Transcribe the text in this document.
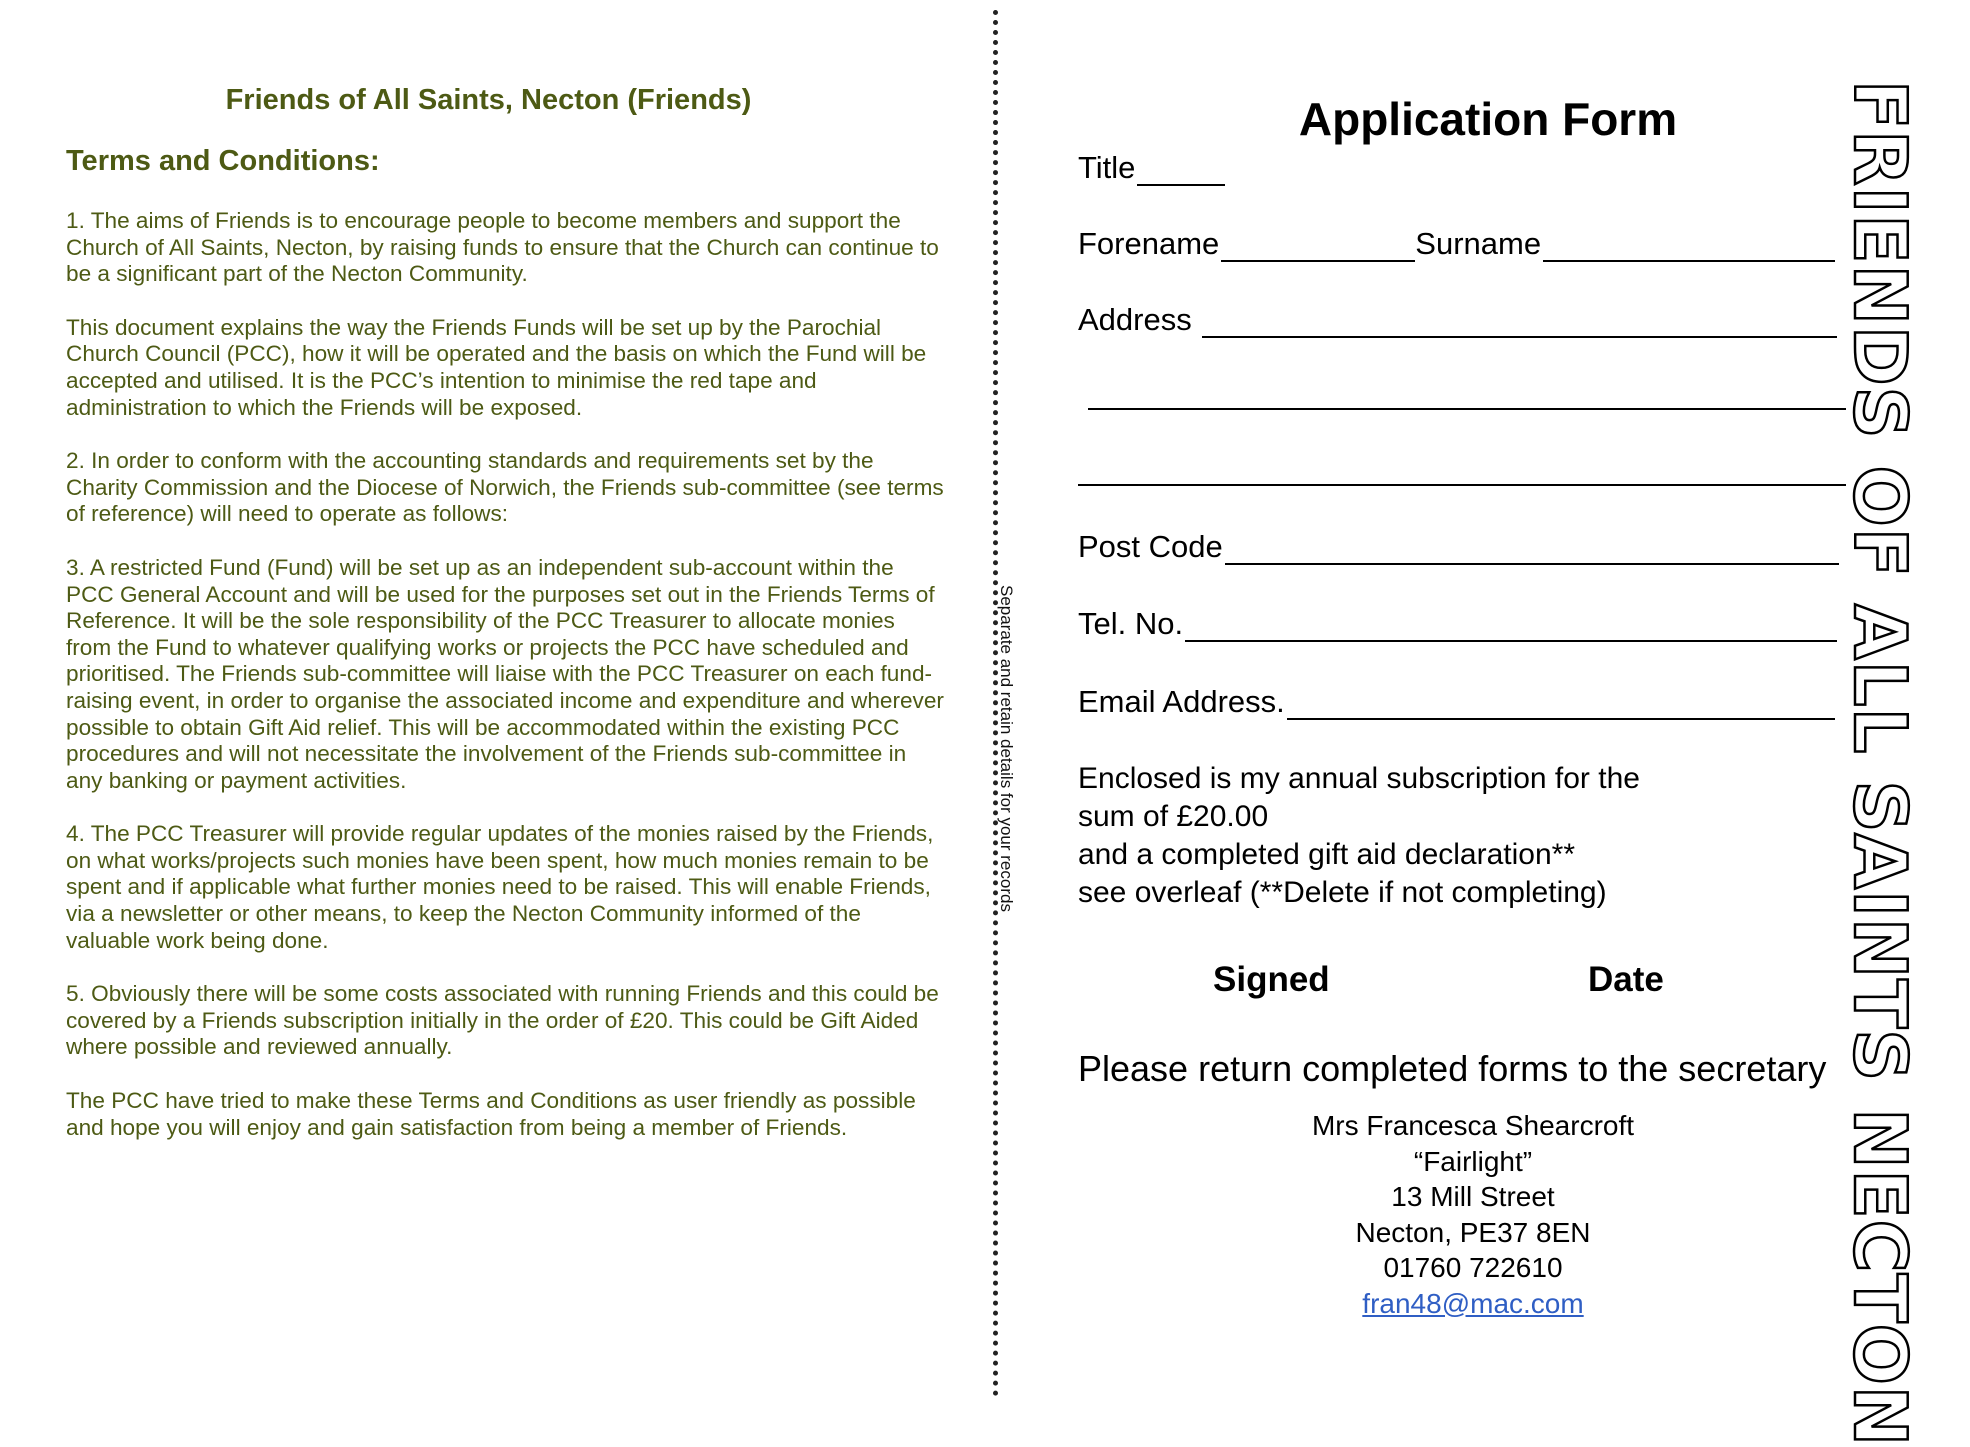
Friends of All Saints, Necton (Friends)
Terms and Conditions:

1. The aims of Friends is to encourage people to become members and support the Church of All Saints, Necton, by raising funds to ensure that the Church can continue to be a significant part of the Necton Community.

This document explains the way the Friends Funds will be set up by the Parochial Church Council (PCC), how it will be operated and the basis on which the Fund will be accepted and utilised. It is the PCC’s intention to minimise the red tape and administration to which the Friends will be exposed.

2. In order to conform with the accounting standards and requirements set by the Charity Commission and the Diocese of Norwich, the Friends sub-committee (see terms of reference) will need to operate as follows:

3. A restricted Fund (Fund) will be set up as an independent sub-account within the PCC General Account and will be used for the purposes set out in the Friends Terms of Reference. It will be the sole responsibility of the PCC Treasurer to allocate monies from the Fund to whatever qualifying works or projects the PCC have scheduled and prioritised. The Friends sub-committee will liaise with the PCC Treasurer on each fund-raising event, in order to organise the associated income and expenditure and wherever possible to obtain Gift Aid relief. This will be accommodated within the existing PCC procedures and will not necessitate the involvement of the Friends sub-committee in any banking or payment activities.

4. The PCC Treasurer will provide regular updates of the monies raised by the Friends, on what works/projects such monies have been spent, how much monies remain to be spent and if applicable what further monies need to be raised. This will enable Friends, via a newsletter or other means, to keep the Necton Community informed of the valuable work being done.

5. Obviously there will be some costs associated with running Friends and this could be covered by a Friends subscription initially in the order of £20. This could be Gift Aided where possible and reviewed annually.

The PCC have tried to make these Terms and Conditions as user friendly as possible and hope you will enjoy and gain satisfaction from being a member of Friends.

Separate and retain details for your records
Application Form
Title
Forename	Surname
Address
Post Code
Tel. No.
Email Address.
Enclosed is my annual subscription for the
sum of £20.00
and a completed gift aid declaration**
see overleaf (**Delete if not completing)
Signed	Date
Please return completed forms to the secretary
Mrs Francesca Shearcroft
“Fairlight”
13 Mill Street
Necton, PE37 8EN
01760 722610
fran48@mac.com	FRIENDS OF ALL SAINTS NECTON
